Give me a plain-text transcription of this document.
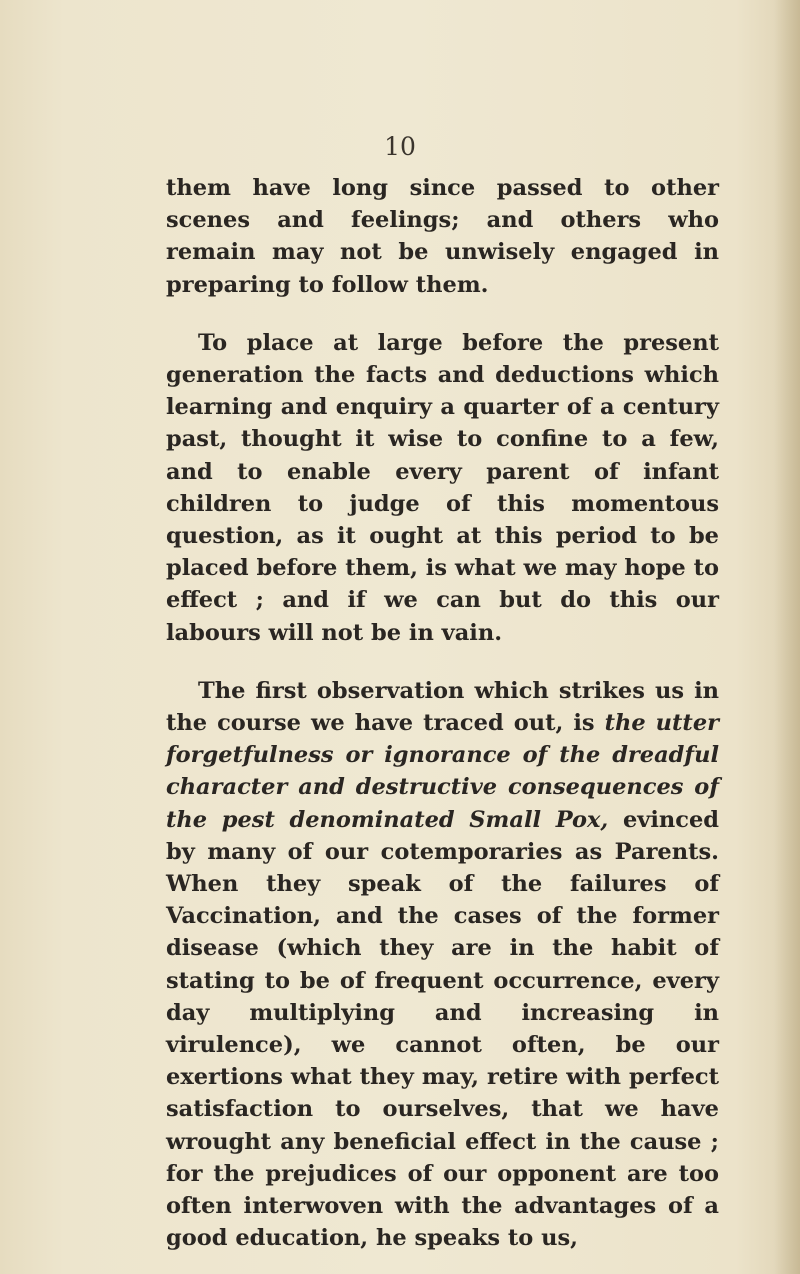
10

them have long since passed to other scenes and feelings; and others who remain may not be unwisely engaged in preparing to follow them.

To place at large before the present generation the facts and deductions which learning and enquiry a quarter of a century past, thought it wise to confine to a few, and to enable every parent of infant children to judge of this momentous question, as it ought at this period to be placed before them, is what we may hope to effect ; and if we can but do this our labours will not be in vain.

The first observation which strikes us in the course we have traced out, is the utter forgetfulness or ignorance of the dreadful character and destructive consequences of the pest denominated Small Pox, evinced by many of our cotemporaries as Parents. When they speak of the failures of Vaccination, and the cases of the former disease (which they are in the habit of stating to be of frequent occurrence, every day multiplying and increasing in virulence), we cannot often, be our exertions what they may, retire with perfect satisfaction to ourselves, that we have wrought any beneficial effect in the cause ; for the prejudices of our opponent are too often interwoven with the advantages of a good education, he speaks to us,
